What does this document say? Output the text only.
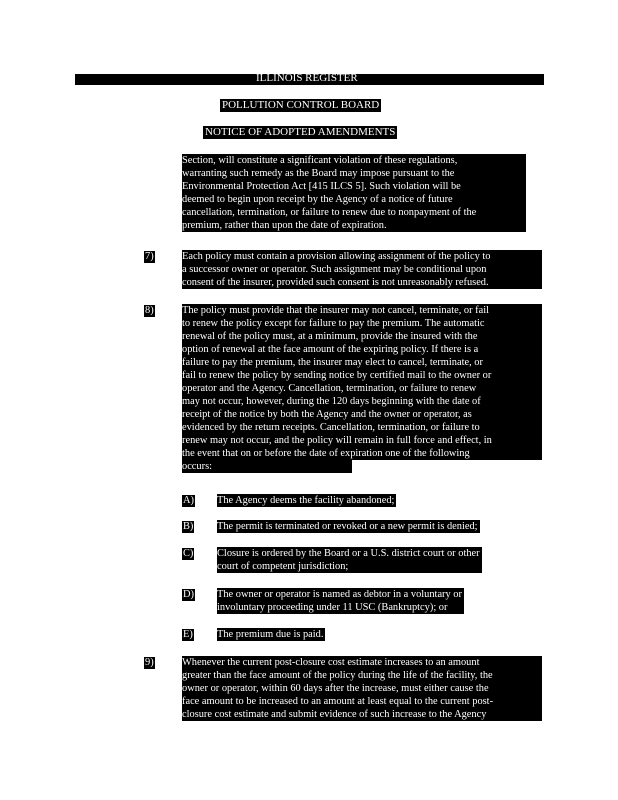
ILLINOIS REGISTER
POLLUTION CONTROL BOARD
NOTICE OF ADOPTED AMENDMENTS
Section, will constitute a significant violation of these regulations,
warranting such remedy as the Board may impose pursuant to the
Environmental Protection Act [415 ILCS 5]. Such violation will be
deemed to begin upon receipt by the Agency of a notice of future
cancellation, termination, or failure to renew due to nonpayment of the
premium, rather than upon the date of expiration.
7)	Each policy must contain a provision allowing assignment of the policy to
a successor owner or operator. Such assignment may be conditional upon
consent of the insurer, provided such consent is not unreasonably refused.
8)	The policy must provide that the insurer may not cancel, terminate, or fail
to renew the policy except for failure to pay the premium. The automatic
renewal of the policy must, at a minimum, provide the insured with the
option of renewal at the face amount of the expiring policy. If there is a
failure to pay the premium, the insurer may elect to cancel, terminate, or
fail to renew the policy by sending notice by certified mail to the owner or
operator and the Agency. Cancellation, termination, or failure to renew
may not occur, however, during the 120 days beginning with the date of
receipt of the notice by both the Agency and the owner or operator, as
evidenced by the return receipts. Cancellation, termination, or failure to
renew may not occur, and the policy will remain in full force and effect, in
the event that on or before the date of expiration one of the following
occurs:
A) The Agency deems the facility abandoned;
B) The permit is terminated or revoked or a new permit is denied;
C) Closure is ordered by the Board or a U.S. district court or other
court of competent jurisdiction;
D) The owner or operator is named as debtor in a voluntary or
involuntary proceeding under 11 USC (Bankruptcy); or
E) The premium due is paid.
9)	Whenever the current post-closure cost estimate increases to an amount
greater than the face amount of the policy during the life of the facility, the
owner or operator, within 60 days after the increase, must either cause the
face amount to be increased to an amount at least equal to the current post-
closure cost estimate and submit evidence of such increase to the Agency
